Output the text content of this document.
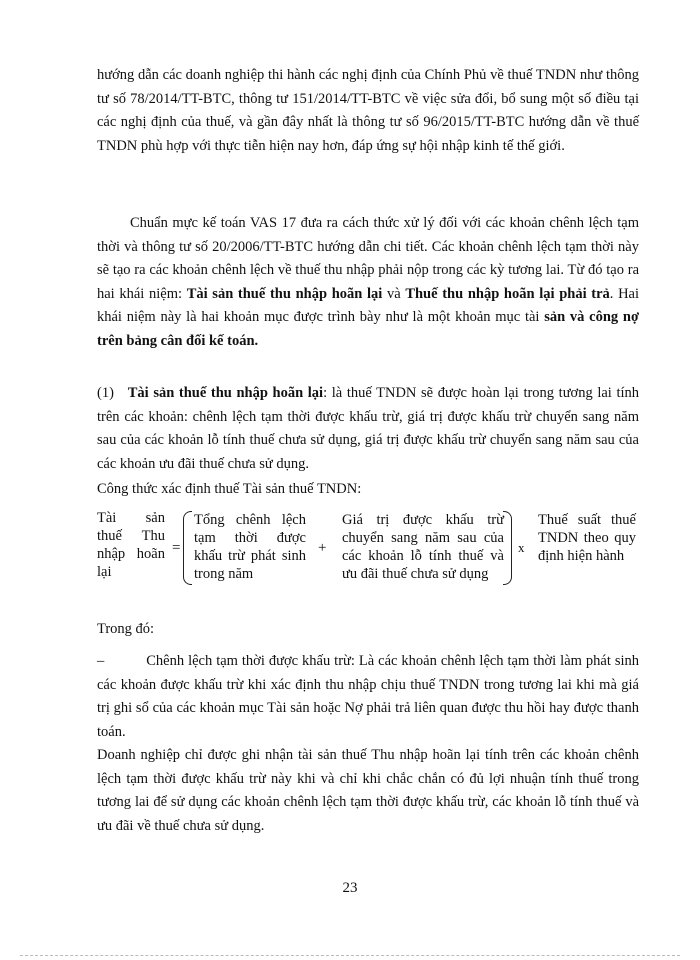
hướng dẫn các doanh nghiệp thi hành các nghị định của Chính Phủ về thuế TNDN như thông tư số 78/2014/TT-BTC, thông tư 151/2014/TT-BTC về việc sửa đổi, bổ sung một số điều tại các nghị định của thuế, và gần đây nhất là thông tư số 96/2015/TT-BTC hướng dẫn về thuế TNDN phù hợp với thực tiễn hiện nay hơn, đáp ứng sự hội nhập kinh tế thế giới.
Chuẩn mực kế toán VAS 17 đưa ra cách thức xử lý đối với các khoản chênh lệch tạm thời và thông tư số 20/2006/TT-BTC hướng dẫn chi tiết. Các khoản chênh lệch tạm thời này sẽ tạo ra các khoản chênh lệch về thuế thu nhập phải nộp trong các kỳ tương lai. Từ đó tạo ra hai khái niệm: Tài sản thuế thu nhập hoãn lại và Thuế thu nhập hoãn lại phải trả. Hai khái niệm này là hai khoản mục được trình bày như là một khoản mục tài sản và công nợ trên bảng cân đối kế toán.
(1) Tài sản thuế thu nhập hoãn lại: là thuế TNDN sẽ được hoàn lại trong tương lai tính trên các khoản: chênh lệch tạm thời được khấu trừ, giá trị được khấu trừ chuyển sang năm sau của các khoản lỗ tính thuế chưa sử dụng, giá trị được khấu trừ chuyển sang năm sau của các khoản ưu đãi thuế chưa sử dụng.
Công thức xác định thuế Tài sản thuế TNDN:
Tài sản thuế Thu nhập hoãn lại
=
Tổng chênh lệch tạm thời được khấu trừ phát sinh trong năm
+
Giá trị được khấu trừ chuyển sang năm sau của các khoản lỗ tính thuế và ưu đãi thuế chưa sử dụng
x
Thuế suất thuế TNDN theo quy định hiện hành
Trong đó:
–	Chênh lệch tạm thời được khấu trừ: Là các khoản chênh lệch tạm thời làm phát sinh các khoản được khấu trừ khi xác định thu nhập chịu thuế TNDN trong tương lai khi mà giá trị ghi sổ của các khoản mục Tài sản hoặc Nợ phải trả liên quan được thu hồi hay được thanh toán.
Doanh nghiệp chỉ được ghi nhận tài sản thuế Thu nhập hoãn lại tính trên các khoản chênh lệch tạm thời được khấu trừ này khi và chỉ khi chắc chắn có đủ lợi nhuận tính thuế trong tương lai để sử dụng các khoản chênh lệch tạm thời được khấu trừ, các khoản lỗ tính thuế và ưu đãi về thuế chưa sử dụng.
23
